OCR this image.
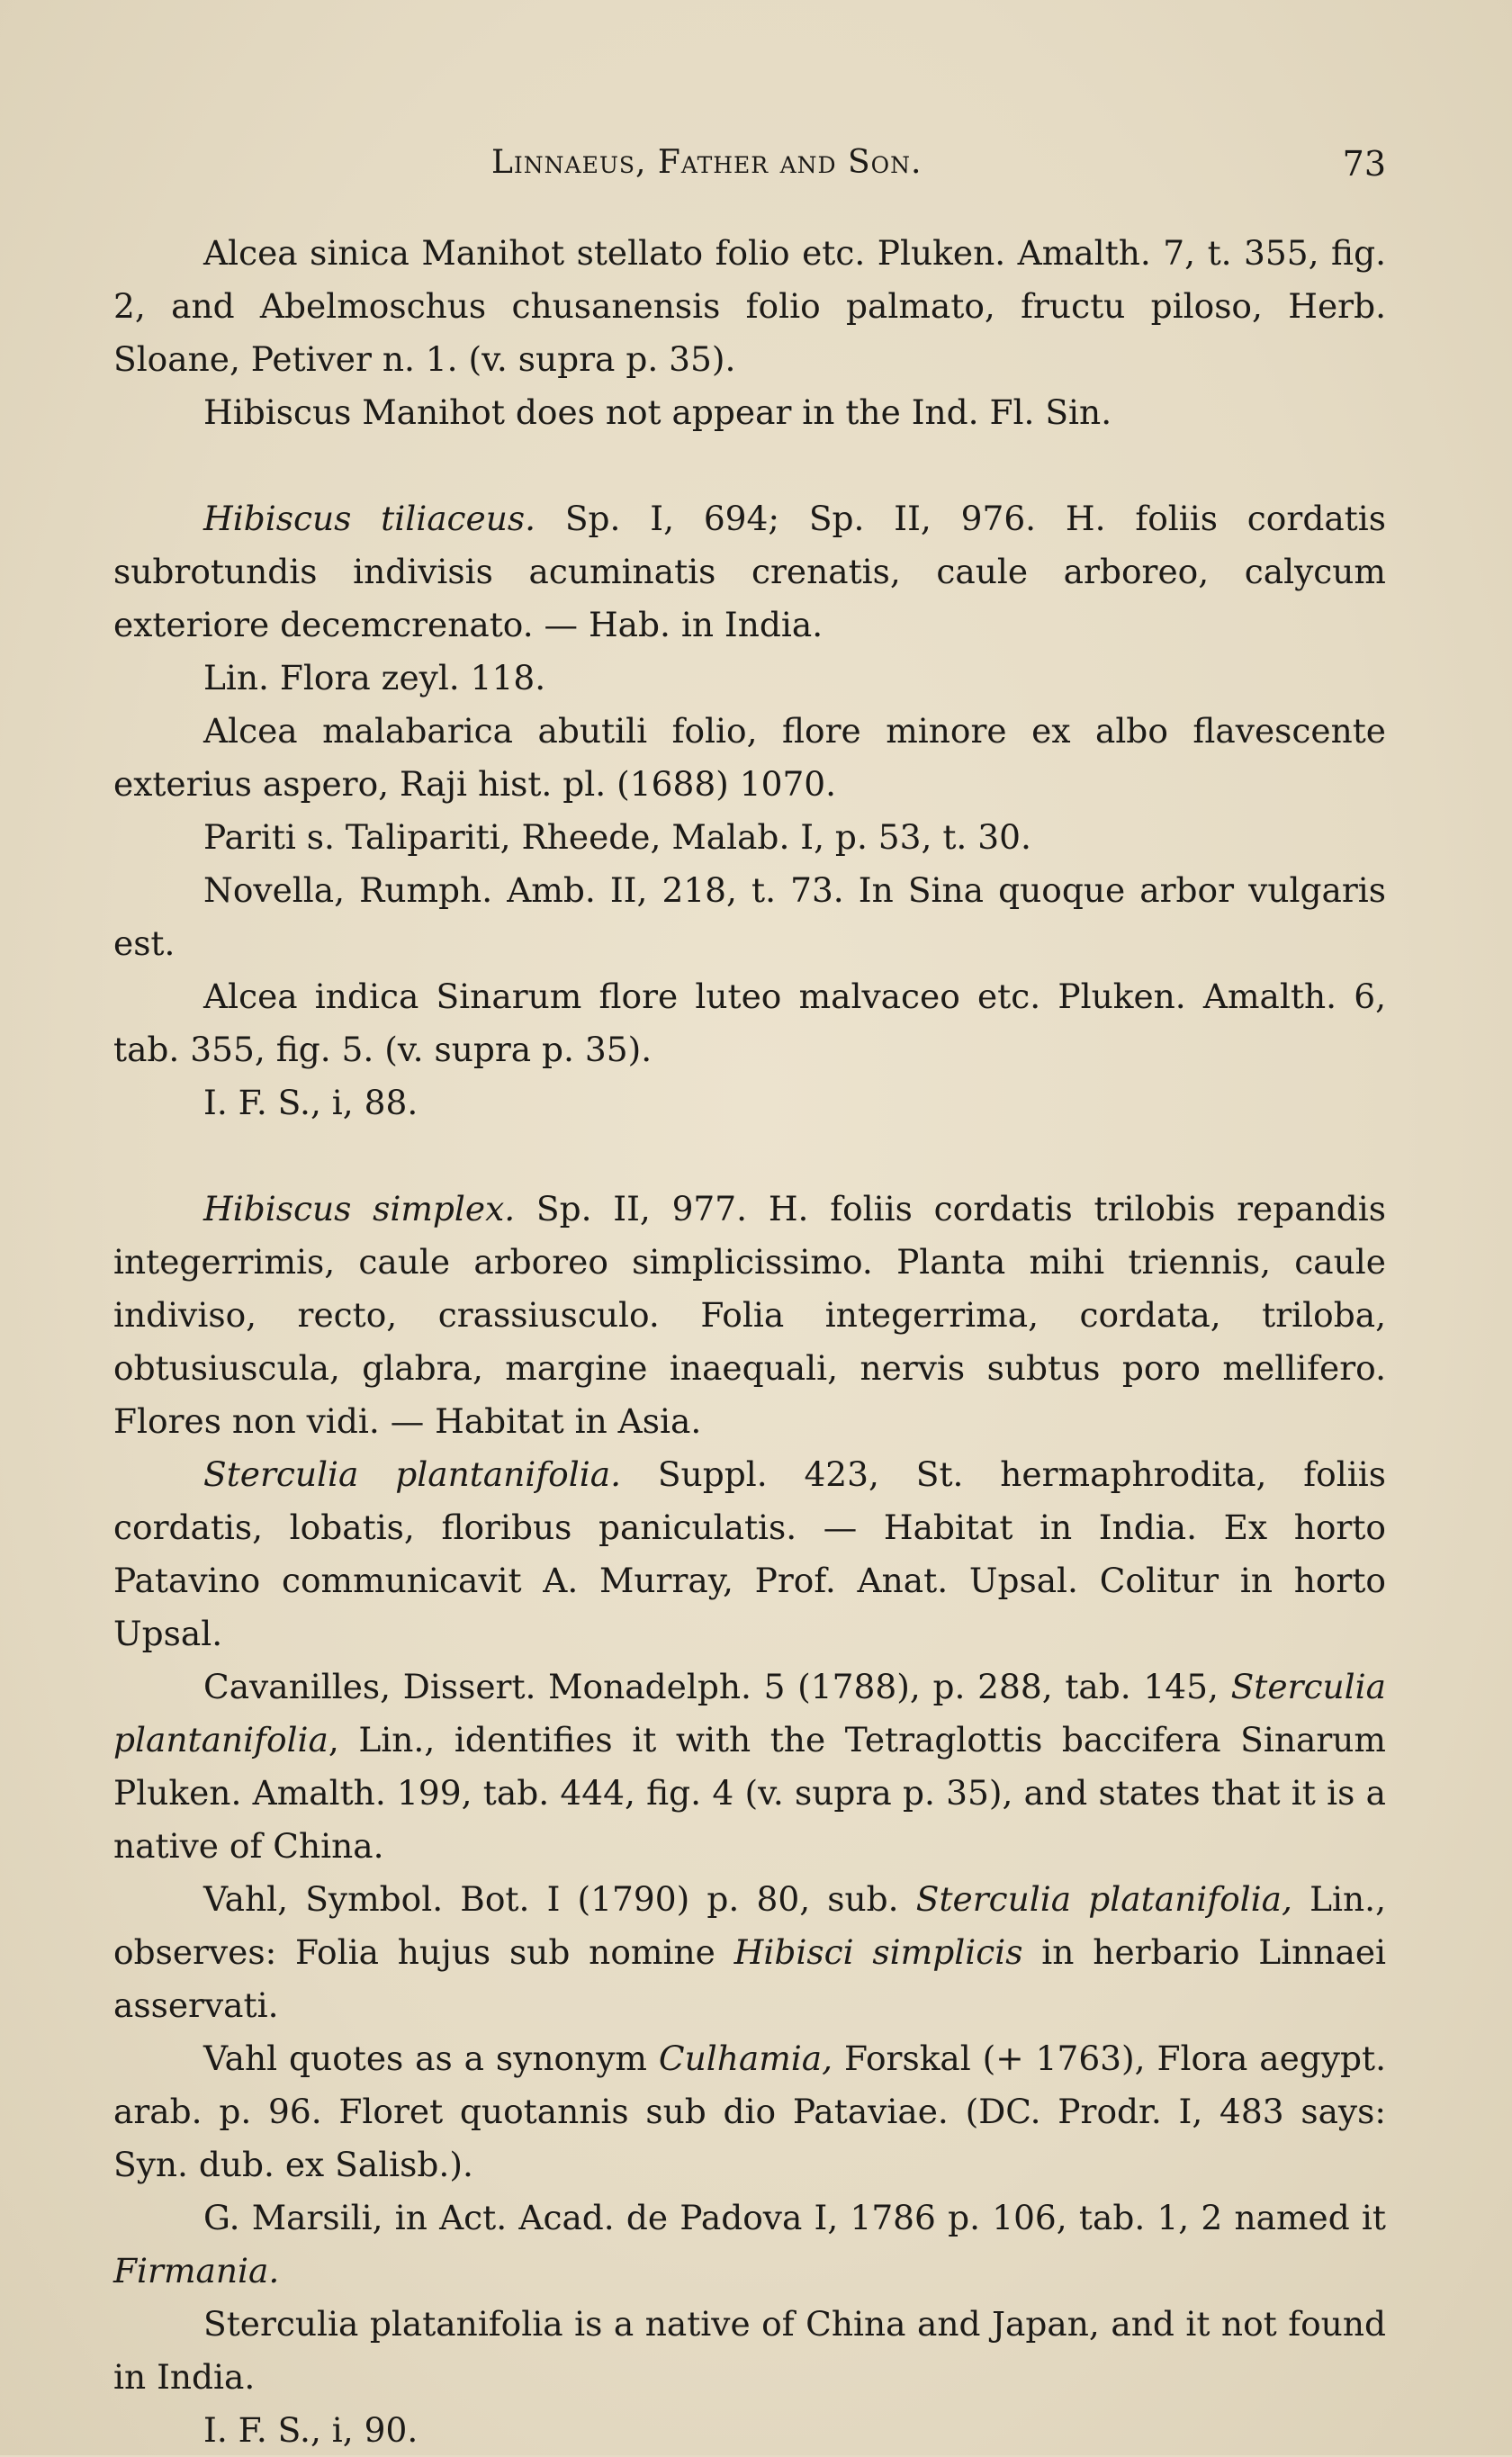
Linnaeus, Father and Son.	73

Alcea sinica Manihot stellato folio etc. Pluken. Amalth. 7, t. 355, fig. 2, and Abelmoschus chusanensis folio palmato, fructu piloso, Herb. Sloane, Petiver n. 1. (v. supra p. 35).

Hibiscus Manihot does not appear in the Ind. Fl. Sin.

Hibiscus tiliaceus. Sp. I, 694; Sp. II, 976. H. foliis cordatis subrotundis indivisis acuminatis crenatis, caule arboreo, calycum exteriore decemcrenato. — Hab. in India.

Lin. Flora zeyl. 118.

Alcea malabarica abutili folio, flore minore ex albo flavescente exterius aspero, Raji hist. pl. (1688) 1070.

Pariti s. Talipariti, Rheede, Malab. I, p. 53, t. 30.

Novella, Rumph. Amb. II, 218, t. 73. In Sina quoque arbor vulgaris est.

Alcea indica Sinarum flore luteo malvaceo etc. Pluken. Amalth. 6, tab. 355, fig. 5. (v. supra p. 35).

I. F. S., i, 88.

Hibiscus simplex. Sp. II, 977. H. foliis cordatis trilobis repandis integerrimis, caule arboreo simplicissimo. Planta mihi triennis, caule indiviso, recto, crassiusculo. Folia integerrima, cordata, triloba, obtusiuscula, glabra, margine inaequali, nervis subtus poro mellifero. Flores non vidi. — Habitat in Asia.

Sterculia plantanifolia. Suppl. 423, St. hermaphrodita, foliis cordatis, lobatis, floribus paniculatis. — Habitat in India. Ex horto Patavino communicavit A. Murray, Prof. Anat. Upsal. Colitur in horto Upsal.

Cavanilles, Dissert. Monadelph. 5 (1788), p. 288, tab. 145, Sterculia plantanifolia, Lin., identifies it with the Tetraglottis baccifera Sinarum Pluken. Amalth. 199, tab. 444, fig. 4 (v. supra p. 35), and states that it is a native of China.

Vahl, Symbol. Bot. I (1790) p. 80, sub. Sterculia platanifolia, Lin., observes: Folia hujus sub nomine Hibisci simplicis in herbario Linnaei asservati.

Vahl quotes as a synonym Culhamia, Forskal (+ 1763), Flora aegypt. arab. p. 96. Floret quotannis sub dio Pataviae. (DC. Prodr. I, 483 says: Syn. dub. ex Salisb.).

G. Marsili, in Act. Acad. de Padova I, 1786 p. 106, tab. 1, 2 named it Firmania.

Sterculia platanifolia is a native of China and Japan, and it not found in India.

I. F. S., i, 90.
